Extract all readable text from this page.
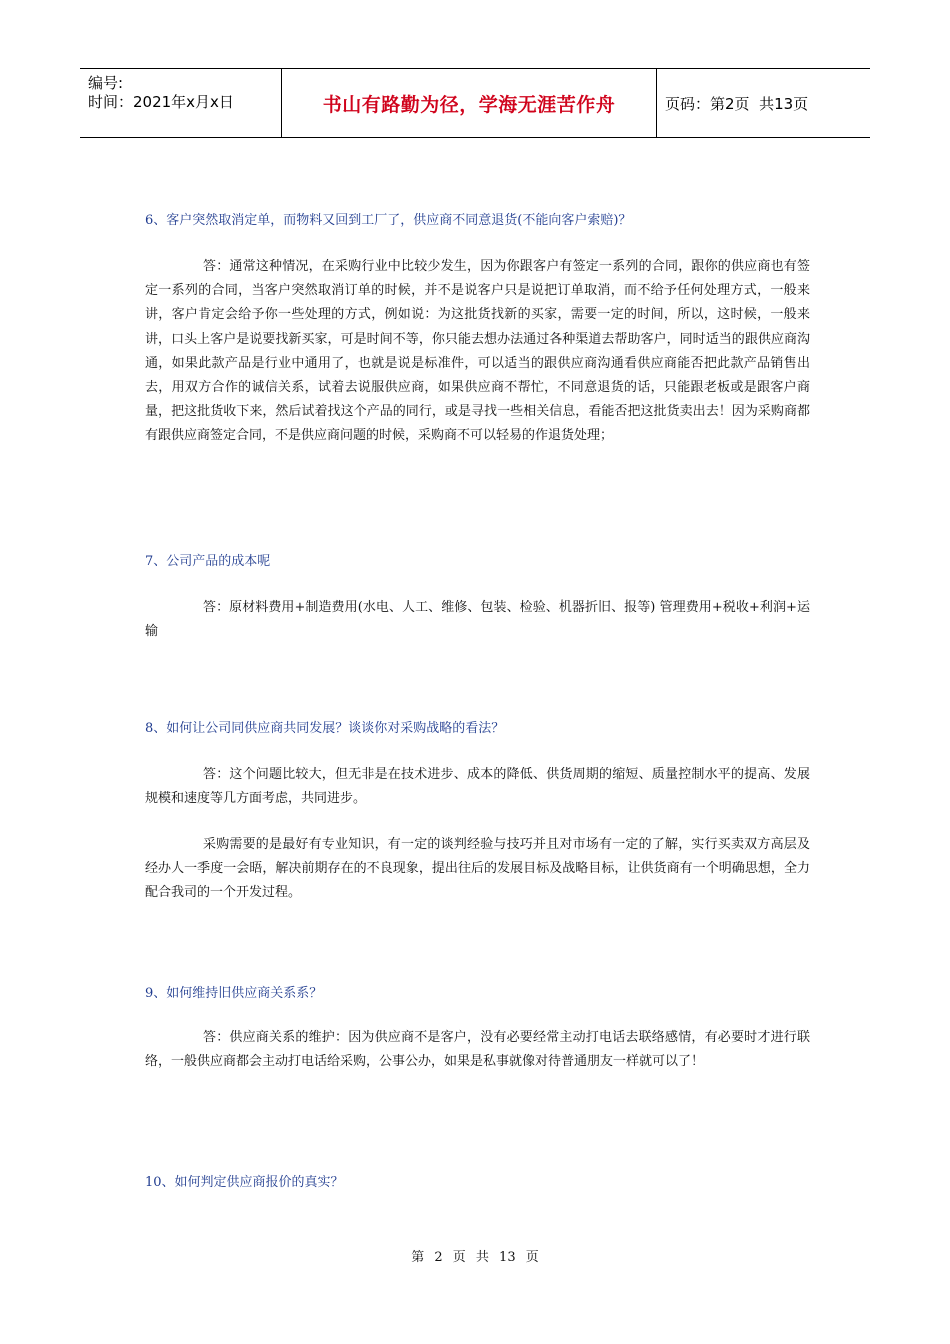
编号:
时间：2021年x月x日	书山有路勤为径，学海无涯苦作舟	页码：第2页  共13页
6、客户突然取消定单，而物料又回到工厂了，供应商不同意退货(不能向客户索赔)？
答：通常这种情况，在采购行业中比较少发生，因为你跟客户有签定一系列的合同，跟你的供应商也有签定一系列的合同，当客户突然取消订单的时候，并不是说客户只是说把订单取消，而不给予任何处理方式，一般来讲，客户肯定会给予你一些处理的方式，例如说：为这批货找新的买家，需要一定的时间，所以，这时候，一般来讲，口头上客户是说要找新买家，可是时间不等，你只能去想办法通过各种渠道去帮助客户，同时适当的跟供应商沟通，如果此款产品是行业中通用了，也就是说是标准件，可以适当的跟供应商沟通看供应商能否把此款产品销售出去，用双方合作的诚信关系，试着去说服供应商，如果供应商不帮忙，不同意退货的话，只能跟老板或是跟客户商量，把这批货收下来，然后试着找这个产品的同行，或是寻找一些相关信息，看能否把这批货卖出去！因为采购商都有跟供应商签定合同，不是供应商问题的时候，采购商不可以轻易的作退货处理；
7、公司产品的成本呢
答：原材料费用+制造费用(水电、人工、维修、包装、检验、机器折旧、报等) 管理费用+税收+利润+运输
8、如何让公司同供应商共同发展？谈谈你对采购战略的看法？
答：这个问题比较大，但无非是在技术进步、成本的降低、供货周期的缩短、质量控制水平的提高、发展规模和速度等几方面考虑，共同进步。
采购需要的是最好有专业知识，有一定的谈判经验与技巧并且对市场有一定的了解，实行买卖双方高层及经办人一季度一会晤，解决前期存在的不良现象，提出往后的发展目标及战略目标，让供货商有一个明确思想，全力配合我司的一个开发过程。
9、如何维持旧供应商关系系？
答：供应商关系的维护：因为供应商不是客户，没有必要经常主动打电话去联络感情，有必要时才进行联络，一般供应商都会主动打电话给采购，公事公办，如果是私事就像对待普通朋友一样就可以了！
10、如何判定供应商报价的真实？
第 2 页 共 13 页
